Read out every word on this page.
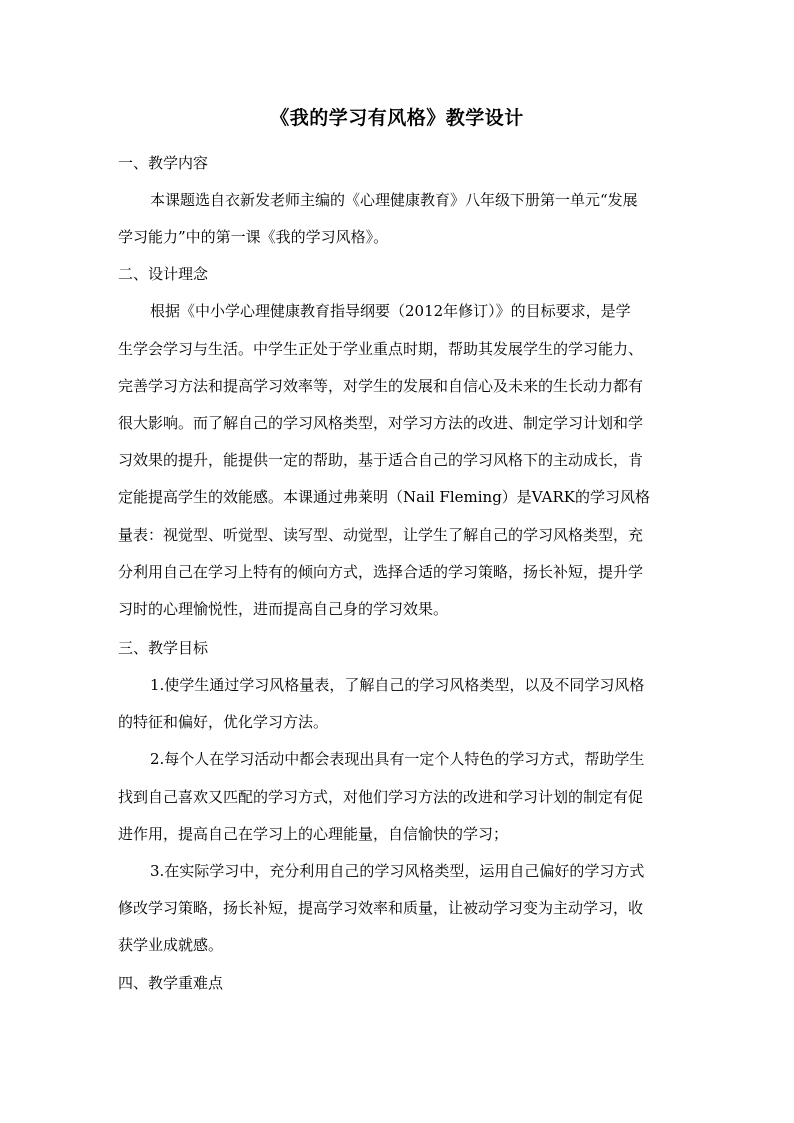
《我的学习有风格》教学设计
一、教学内容
本课题选自衣新发老师主编的《心理健康教育》八年级下册第一单元“发展
学习能力”中的第一课《我的学习风格》。
二、设计理念
根据《中小学心理健康教育指导纲要（2012年修订）》的目标要求，是学
生学会学习与生活。中学生正处于学业重点时期，帮助其发展学生的学习能力、
完善学习方法和提高学习效率等，对学生的发展和自信心及未来的生长动力都有
很大影响。而了解自己的学习风格类型，对学习方法的改进、制定学习计划和学
习效果的提升，能提供一定的帮助，基于适合自己的学习风格下的主动成长，肯
定能提高学生的效能感。本课通过弗莱明（Nail Fleming）是VARK的学习风格
量表：视觉型、听觉型、读写型、动觉型，让学生了解自己的学习风格类型，充
分利用自己在学习上特有的倾向方式，选择合适的学习策略，扬长补短，提升学
习时的心理愉悦性，进而提高自己身的学习效果。
三、教学目标
1.使学生通过学习风格量表，了解自己的学习风格类型，以及不同学习风格
的特征和偏好，优化学习方法。
2.每个人在学习活动中都会表现出具有一定个人特色的学习方式，帮助学生
找到自己喜欢又匹配的学习方式，对他们学习方法的改进和学习计划的制定有促
进作用，提高自己在学习上的心理能量，自信愉快的学习；
3.在实际学习中，充分利用自己的学习风格类型，运用自己偏好的学习方式
修改学习策略，扬长补短，提高学习效率和质量，让被动学习变为主动学习，收
获学业成就感。
四、教学重难点
